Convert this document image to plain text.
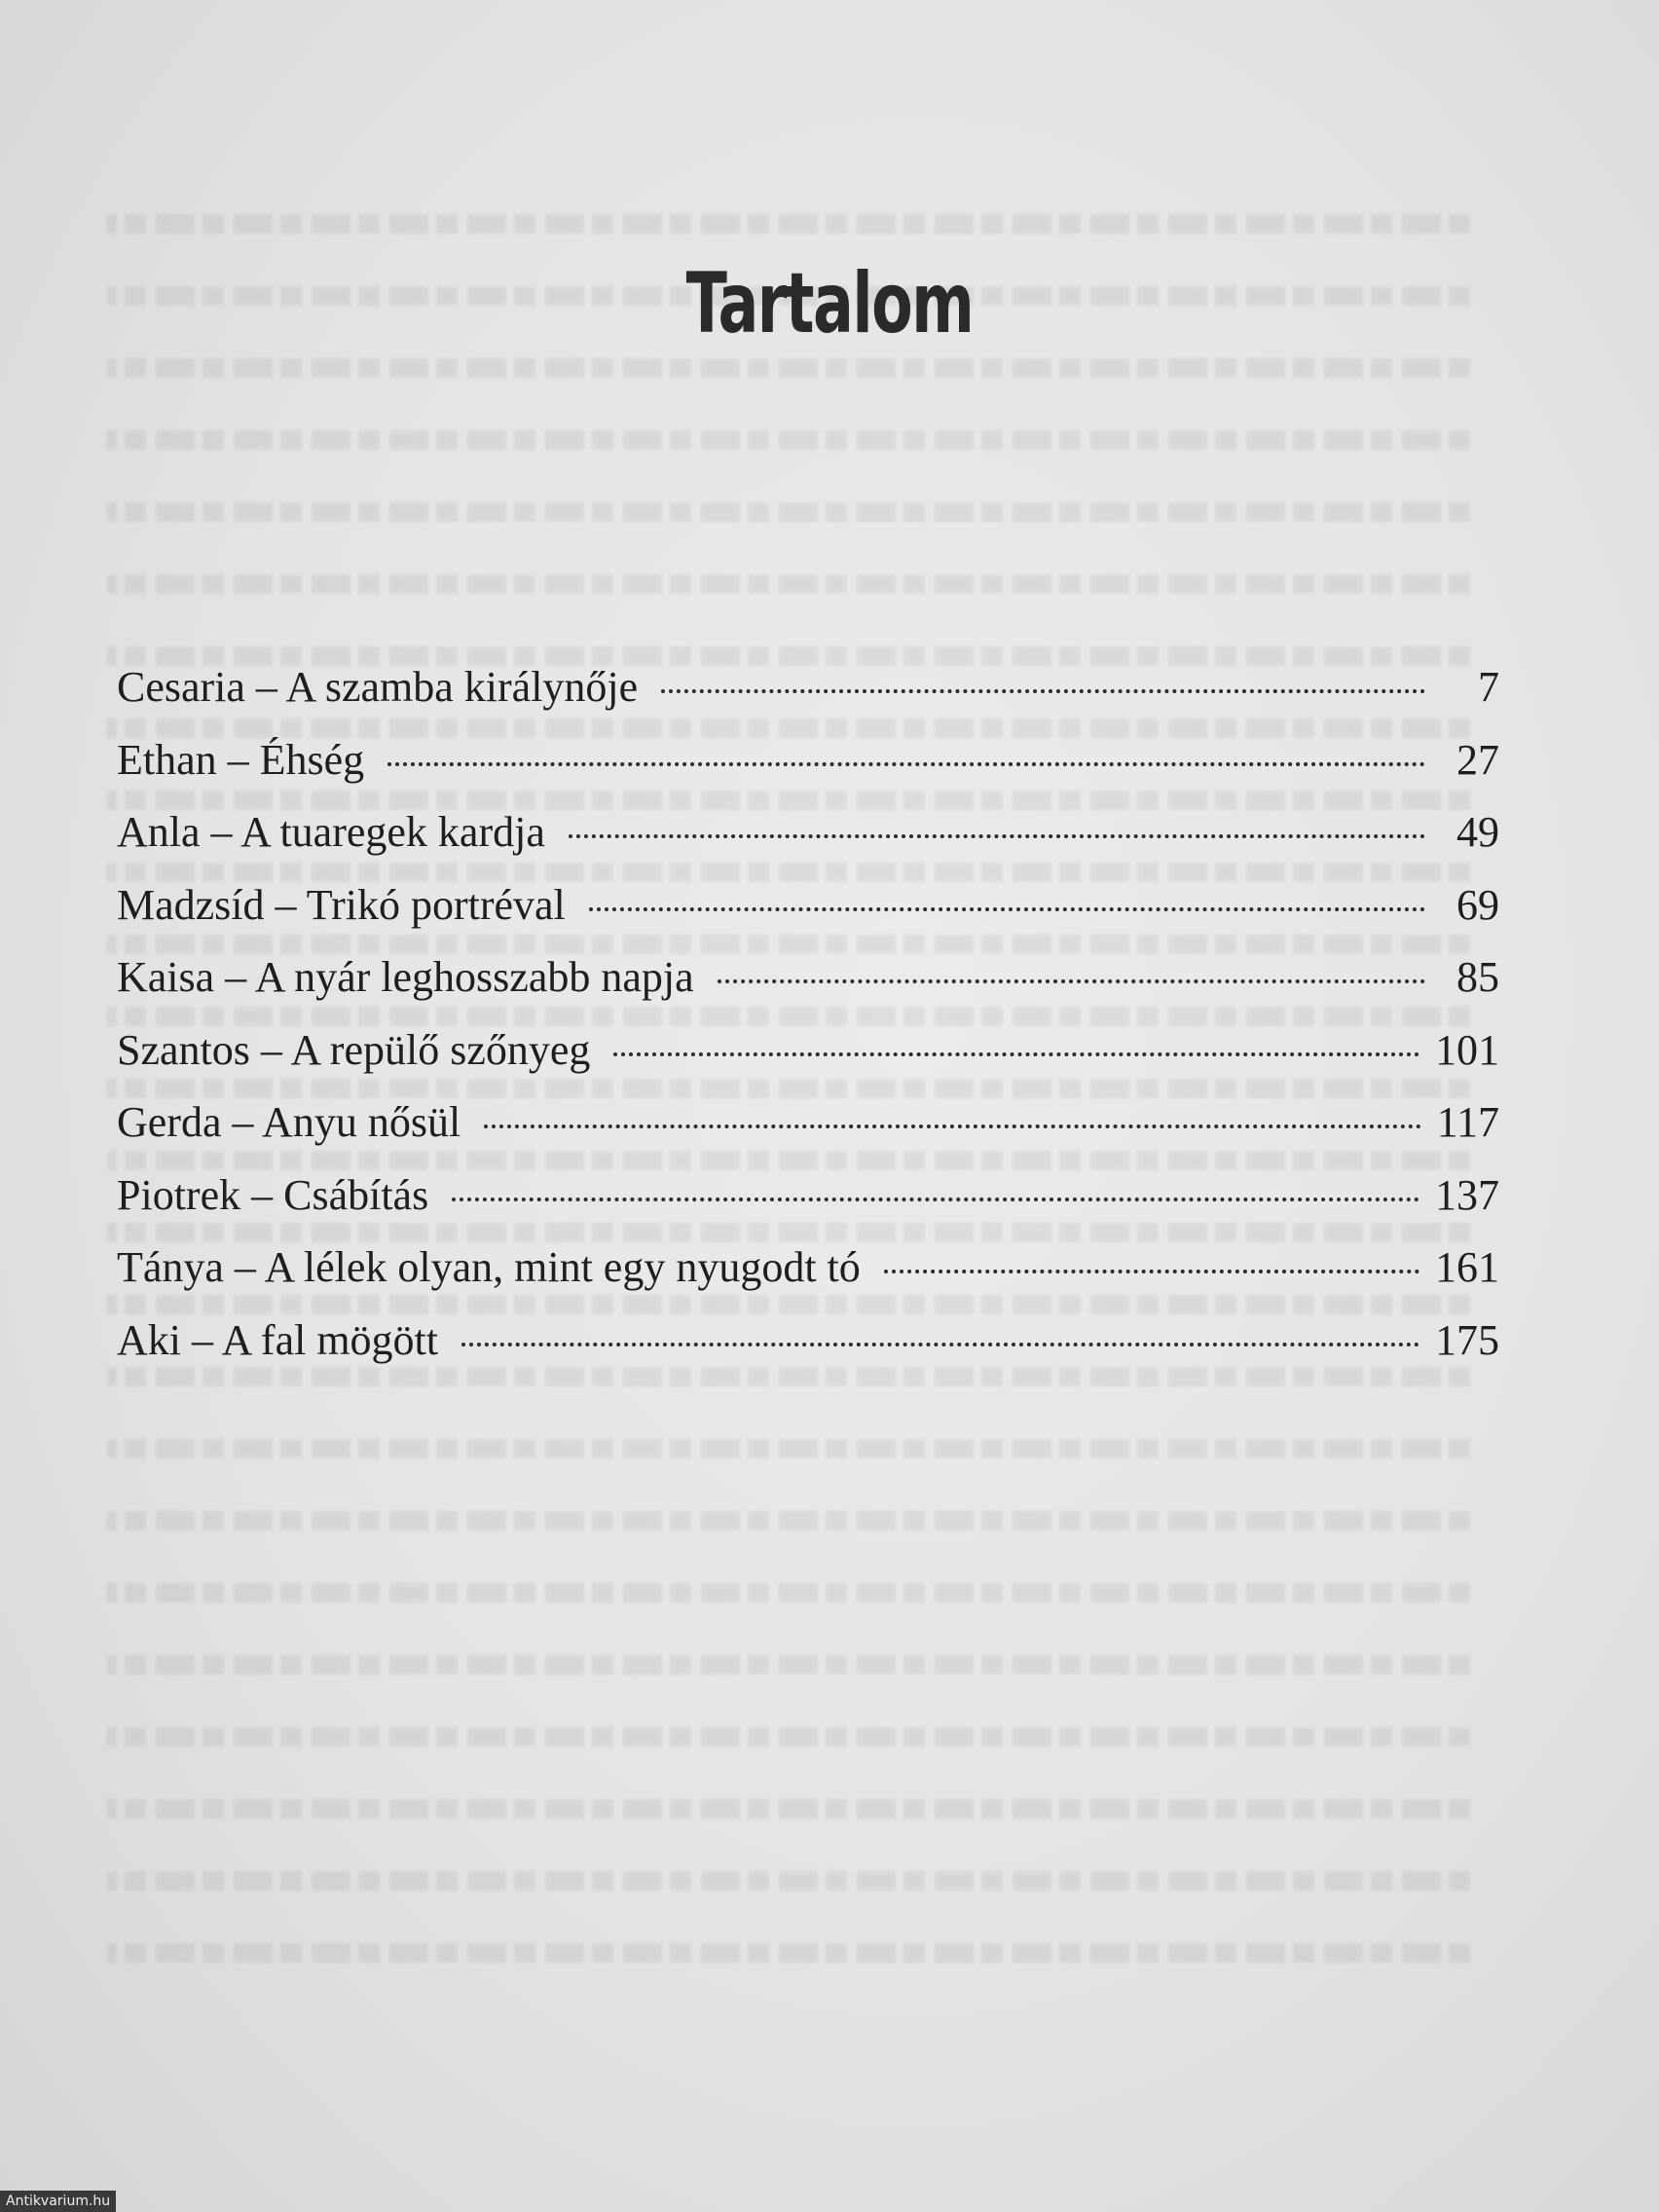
Tartalom
Cesaria – A szamba királynője	7
Ethan – Éhség	27
Anla – A tuaregek kardja	49
Madzsíd – Trikó portréval	69
Kaisa – A nyár leghosszabb napja	85
Szantos – A repülő szőnyeg	101
Gerda – Anyu nősül	117
Piotrek – Csábítás	137
Tánya – A lélek olyan, mint egy nyugodt tó	161
Aki – A fal mögött	175
Antikvarium.hu
